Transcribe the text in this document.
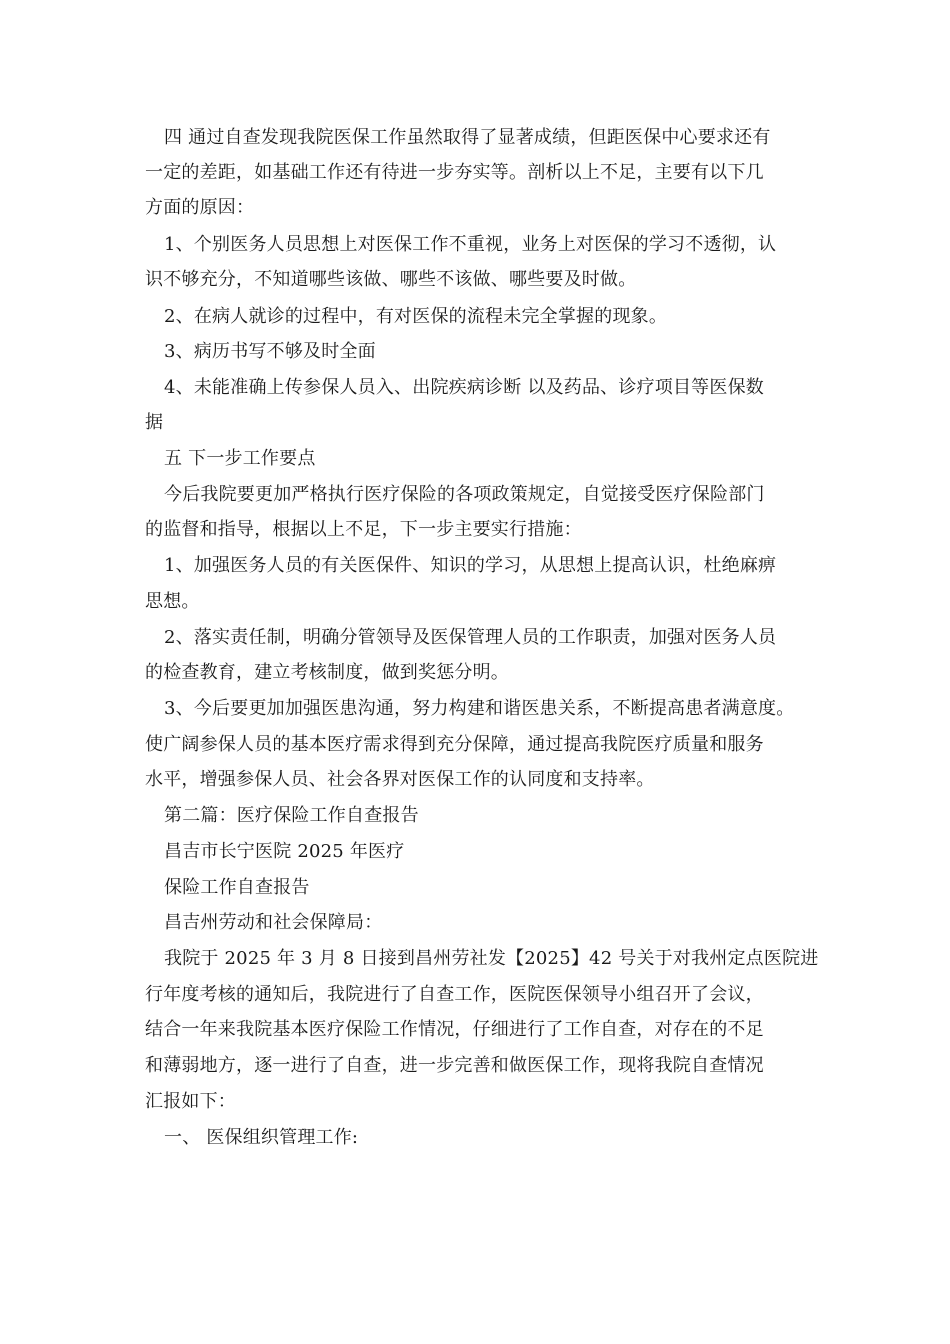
四 通过自查发现我院医保工作虽然取得了显著成绩，但距医保中心要求还有
一定的差距，如基础工作还有待进一步夯实等。剖析以上不足，主要有以下几
方面的原因：
1、个别医务人员思想上对医保工作不重视，业务上对医保的学习不透彻，认
识不够充分，不知道哪些该做、哪些不该做、哪些要及时做。
2、在病人就诊的过程中，有对医保的流程未完全掌握的现象。
3、病历书写不够及时全面
4、未能准确上传参保人员入、出院疾病诊断 以及药品、诊疗项目等医保数
据
五 下一步工作要点
今后我院要更加严格执行医疗保险的各项政策规定，自觉接受医疗保险部门
的监督和指导，根据以上不足，下一步主要实行措施：
1、加强医务人员的有关医保件、知识的学习，从思想上提高认识，杜绝麻痹
思想。
2、落实责任制，明确分管领导及医保管理人员的工作职责，加强对医务人员
的检查教育，建立考核制度，做到奖惩分明。
3、今后要更加加强医患沟通，努力构建和谐医患关系，不断提高患者满意度。
使广阔参保人员的基本医疗需求得到充分保障，通过提高我院医疗质量和服务
水平，增强参保人员、社会各界对医保工作的认同度和支持率。
第二篇：医疗保险工作自查报告
昌吉市长宁医院 2025 年医疗
保险工作自查报告
昌吉州劳动和社会保障局：
我院于 2025 年 3 月 8 日接到昌州劳社发【2025】42 号关于对我州定点医院进
行年度考核的通知后，我院进行了自查工作，医院医保领导小组召开了会议，
结合一年来我院基本医疗保险工作情况，仔细进行了工作自查，对存在的不足
和薄弱地方，逐一进行了自查，进一步完善和做医保工作，现将我院自查情况
汇报如下：
一、 医保组织管理工作:
